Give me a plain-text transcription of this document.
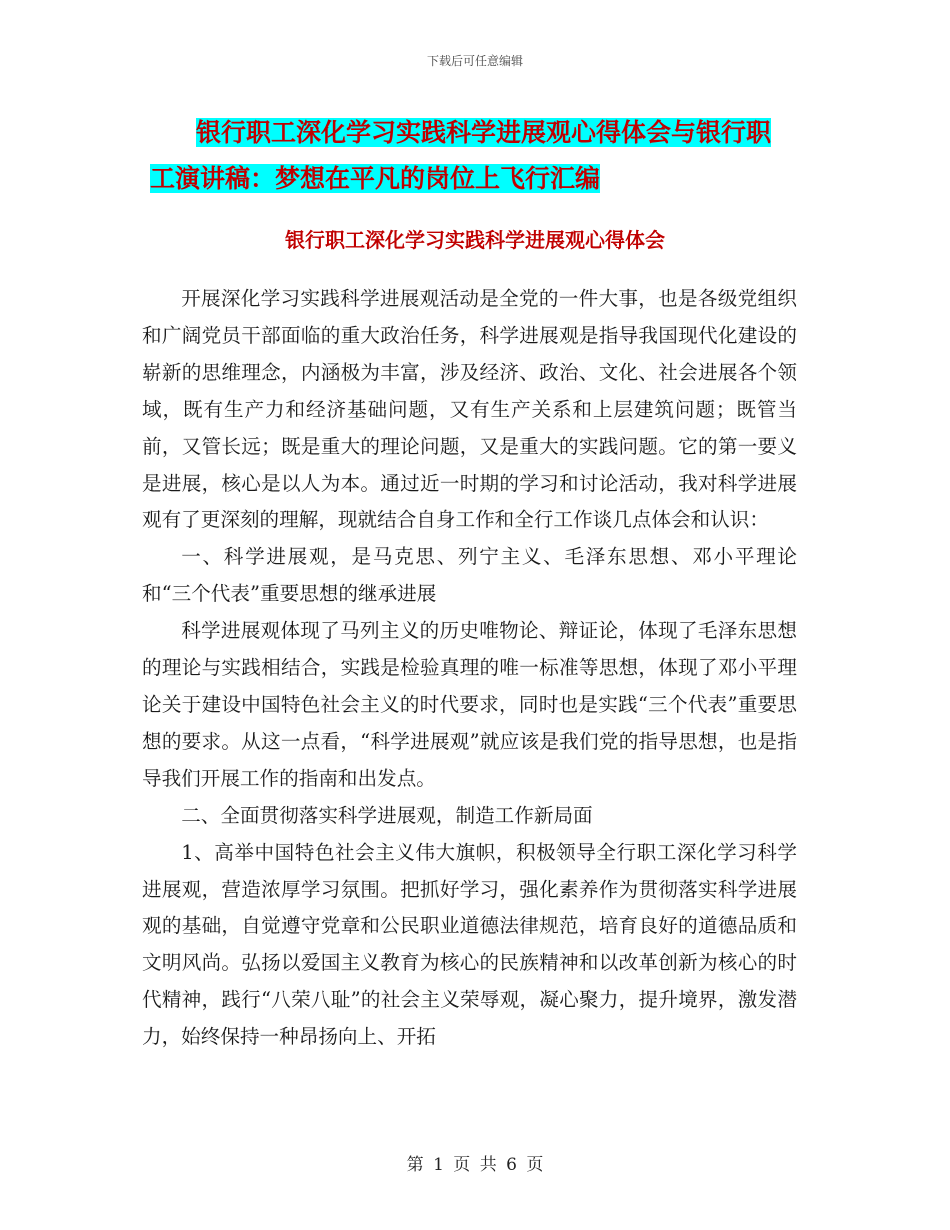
下载后可任意编辑
银行职工深化学习实践科学进展观心得体会与银行职
工演讲稿：梦想在平凡的岗位上飞行汇编
银行职工深化学习实践科学进展观心得体会

开展深化学习实践科学进展观活动是全党的一件大事，也是各级党组织和广阔党员干部面临的重大政治任务，科学进展观是指导我国现代化建设的崭新的思维理念，内涵极为丰富，涉及经济、政治、文化、社会进展各个领域，既有生产力和经济基础问题，又有生产关系和上层建筑问题；既管当前，又管长远；既是重大的理论问题，又是重大的实践问题。它的第一要义是进展，核心是以人为本。通过近一时期的学习和讨论活动，我对科学进展观有了更深刻的理解，现就结合自身工作和全行工作谈几点体会和认识：

一、科学进展观，是马克思、列宁主义、毛泽东思想、邓小平理论和“三个代表”重要思想的继承进展

科学进展观体现了马列主义的历史唯物论、辩证论，体现了毛泽东思想的理论与实践相结合，实践是检验真理的唯一标准等思想，体现了邓小平理论关于建设中国特色社会主义的时代要求，同时也是实践“三个代表”重要思想的要求。从这一点看，“科学进展观”就应该是我们党的指导思想，也是指导我们开展工作的指南和出发点。

二、全面贯彻落实科学进展观，制造工作新局面

1、高举中国特色社会主义伟大旗帜，积极领导全行职工深化学习科学进展观，营造浓厚学习氛围。把抓好学习，强化素养作为贯彻落实科学进展观的基础，自觉遵守党章和公民职业道德法律规范，培育良好的道德品质和文明风尚。弘扬以爱国主义教育为核心的民族精神和以改革创新为核心的时代精神，践行“八荣八耻”的社会主义荣辱观，凝心聚力，提升境界，激发潜力，始终保持一种昂扬向上、开拓

第 1 页 共 6 页
